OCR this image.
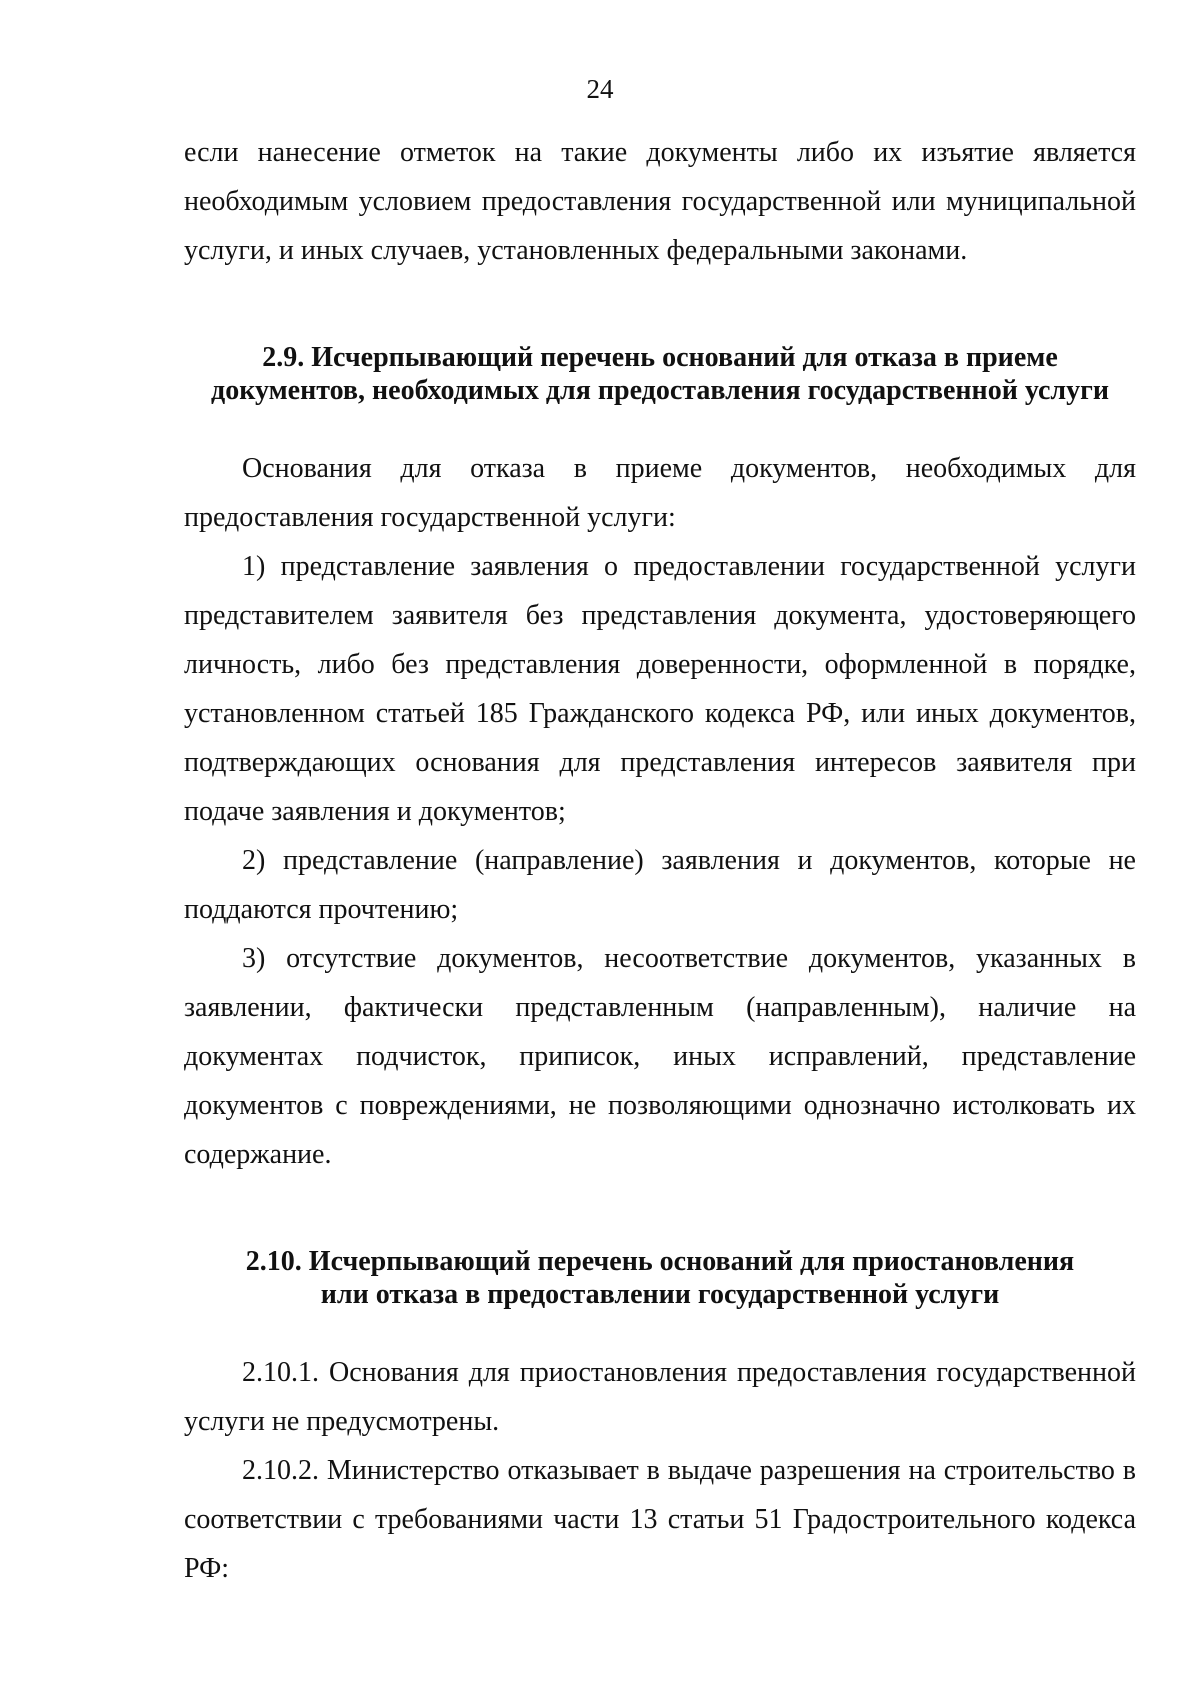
24

если нанесение отметок на такие документы либо их изъятие является необходимым условием предоставления государственной или муниципальной услуги, и иных случаев, установленных федеральными законами.

2.9. Исчерпывающий перечень оснований для отказа в приеме
документов, необходимых для предоставления государственной услуги

Основания для отказа в приеме документов, необходимых для предоставления государственной услуги:

1) представление заявления о предоставлении государственной услуги представителем заявителя без представления документа, удостоверяющего личность, либо без представления доверенности, оформленной в порядке, установленном статьей 185 Гражданского кодекса РФ, или иных документов, подтверждающих основания для представления интересов заявителя при подаче заявления и документов;

2) представление (направление) заявления и документов, которые не поддаются прочтению;

3) отсутствие документов, несоответствие документов, указанных в заявлении, фактически представленным (направленным), наличие на документах подчисток, приписок, иных исправлений, представление документов с повреждениями, не позволяющими однозначно истолковать их содержание.

2.10. Исчерпывающий перечень оснований для приостановления
или отказа в предоставлении государственной услуги

2.10.1. Основания для приостановления предоставления государственной услуги не предусмотрены.

2.10.2. Министерство отказывает в выдаче разрешения на строительство в соответствии с требованиями части 13 статьи 51 Градостроительного кодекса РФ:
